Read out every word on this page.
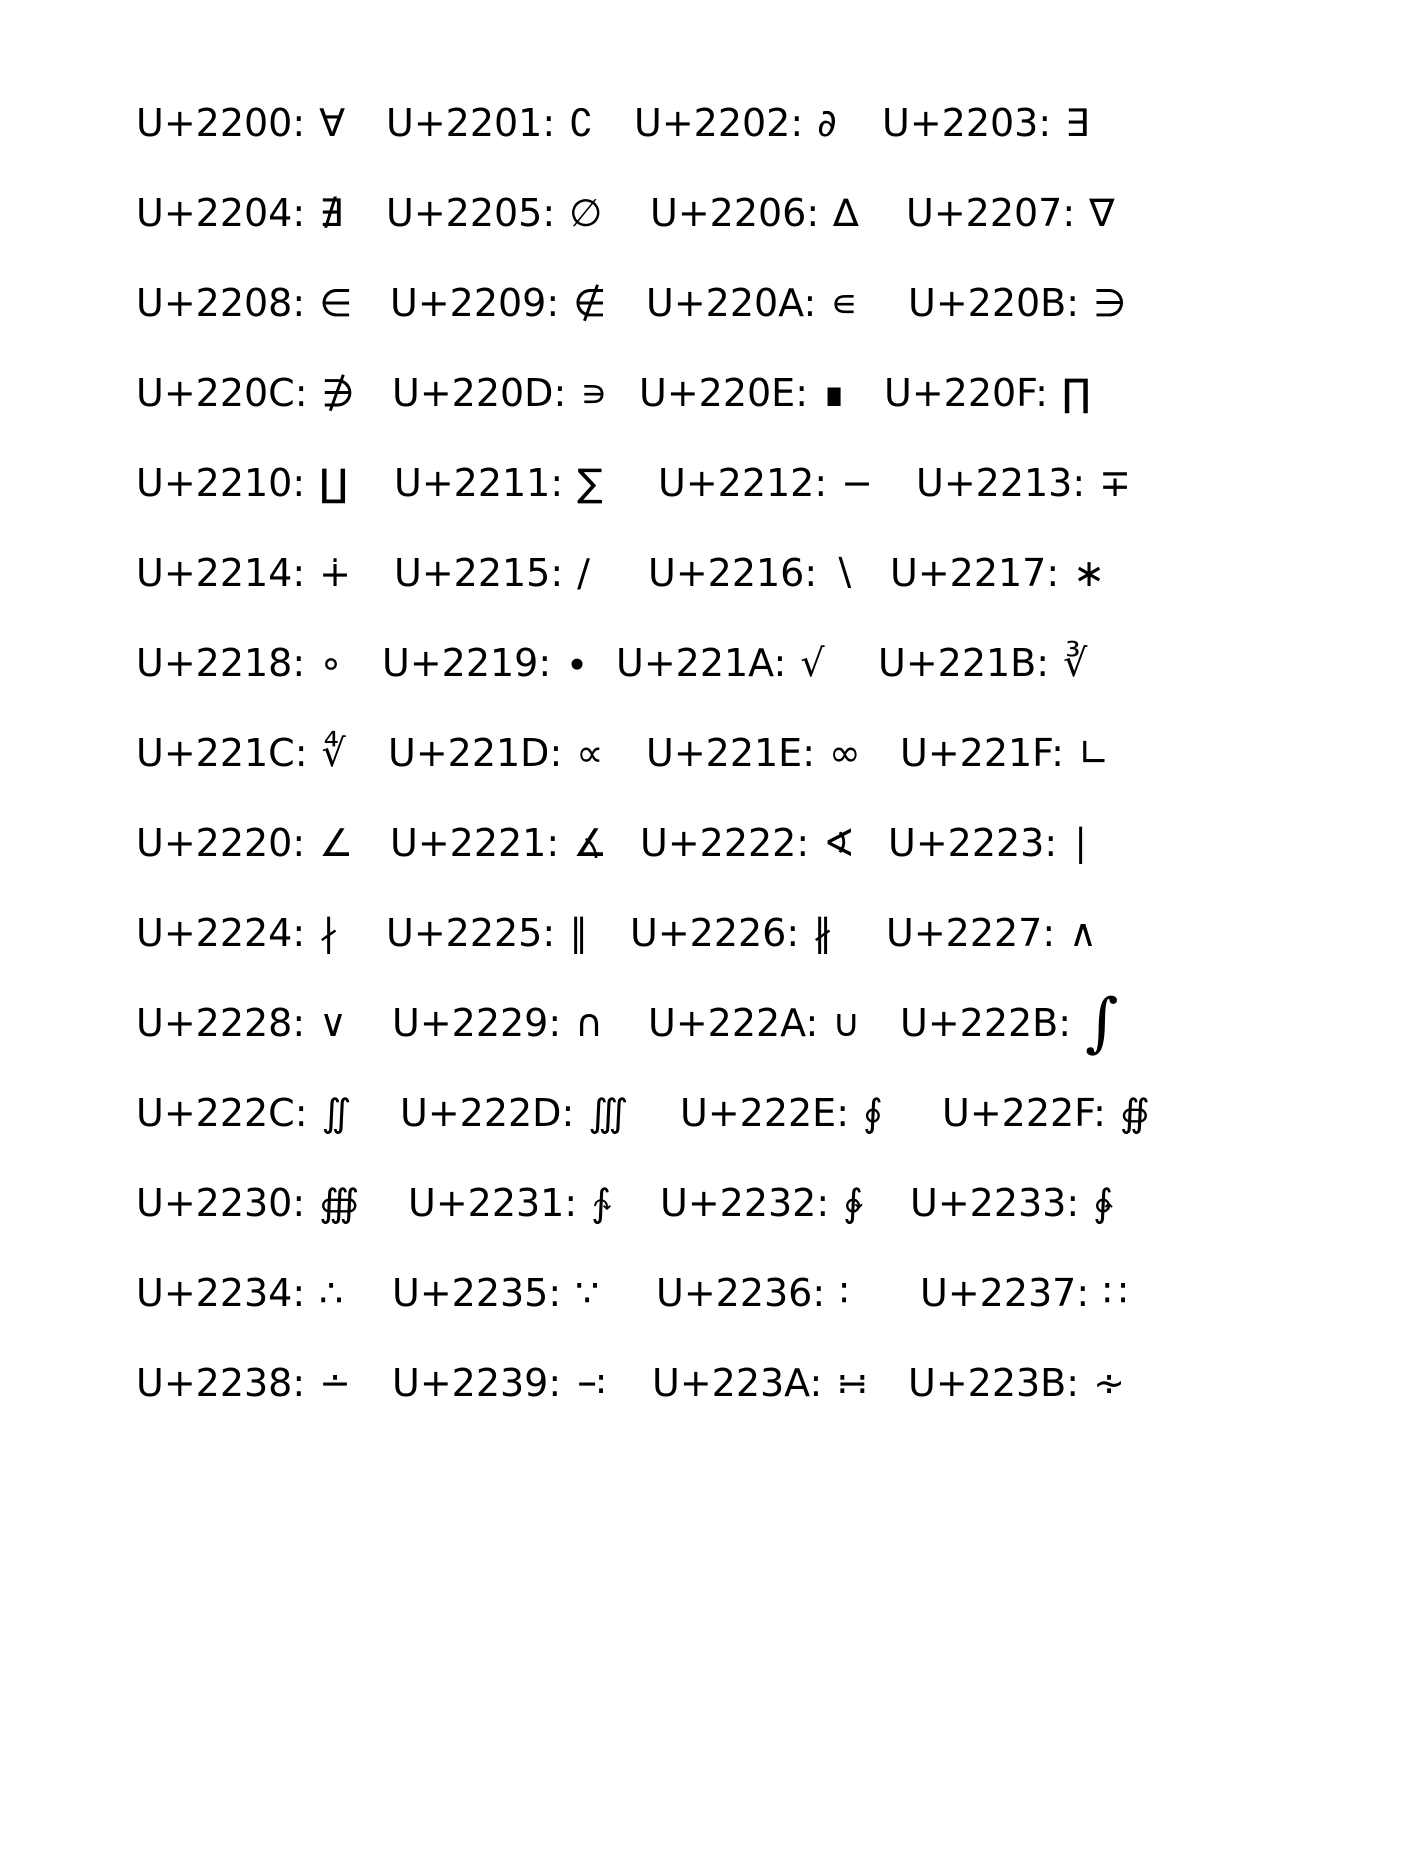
U+2200: ∀ U+2201: ∁ U+2202: ∂ U+2203: ∃
U+2204: ∄ U+2205: ∅ U+2206: ∆ U+2207: ∇
U+2208: ∈ U+2209: ∉ U+220A: ∊ U+220B: ∋
U+220C: ∌ U+220D: ∍ U+220E: ∎ U+220F: ∏
U+2210: ∐ U+2211: ∑ U+2212: − U+2213: ∓
U+2214: ∔ U+2215: ∕ U+2216: ∖ U+2217: ∗
U+2218: ∘ U+2219: ∙ U+221A: √ U+221B: ∛
U+221C: ∜ U+221D: ∝ U+221E: ∞ U+221F: ∟
U+2220: ∠ U+2221: ∡ U+2222: ∢ U+2223: ∣
U+2224: ∤ U+2225: ∥ U+2226: ∦ U+2227: ∧
U+2228: ∨ U+2229: ∩ U+222A: ∪ U+222B: ∫
U+222C: ∬ U+222D: ∭ U+222E: ∮ U+222F: ∯
U+2230: ∰ U+2231: ∱ U+2232: ∲ U+2233: ∳
U+2234: ∴ U+2235: ∵ U+2236: ∶ U+2237: ∷
U+2238: ∸ U+2239: ∹ U+223A: ∺ U+223B: ∻
